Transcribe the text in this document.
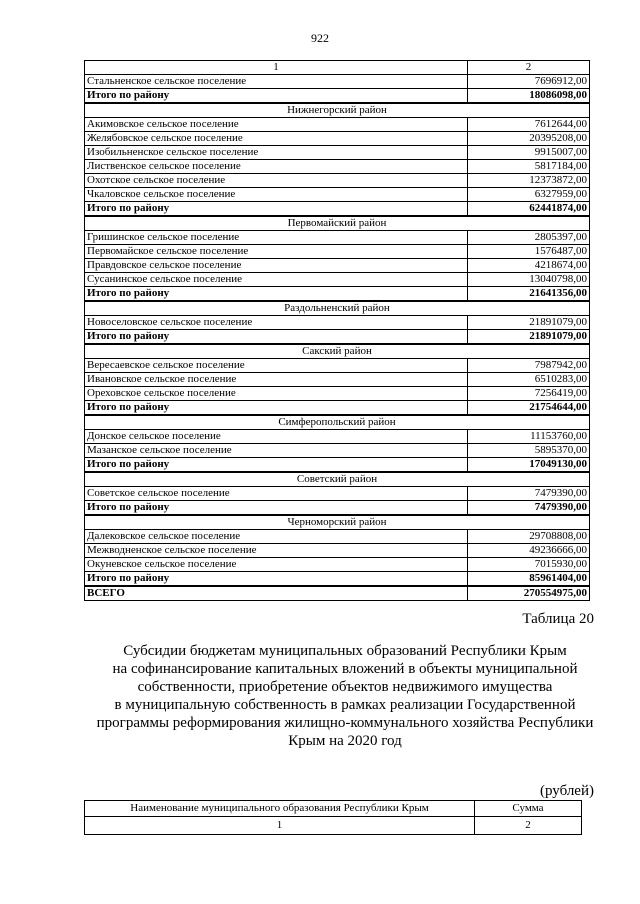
922
1	2
Стальненское сельское поселение	7696912,00
Итого по району	18086098,00
Нижнегорский район	
Акимовское сельское поселение	7612644,00
Желябовское сельское поселение	20395208,00
Изобильненское сельское поселение	9915007,00
Лиственское сельское поселение	5817184,00
Охотское сельское поселение	12373872,00
Чкаловское сельское поселение	6327959,00
Итого по району	62441874,00
Первомайский район	
Гришинское сельское поселение	2805397,00
Первомайское сельское поселение	1576487,00
Правдовское сельское поселение	4218674,00
Сусанинское сельское поселение	13040798,00
Итого по району	21641356,00
Раздольненский район	
Новоселовское сельское поселение	21891079,00
Итого по району	21891079,00
Сакский район	
Вересаевское сельское поселение	7987942,00
Ивановское сельское поселение	6510283,00
Ореховское сельское поселение	7256419,00
Итого по району	21754644,00
Симферопольский район	
Донское сельское поселение	11153760,00
Мазанское сельское поселение	5895370,00
Итого по району	17049130,00
Советский район	
Советское сельское поселение	7479390,00
Итого по району	7479390,00
Черноморский район	
Далековское сельское поселение	29708808,00
Межводненское сельское поселение	49236666,00
Окуневское сельское поселение	7015930,00
Итого по району	85961404,00
ВСЕГО	270554975,00
Таблица 20
Субсидии бюджетам муниципальных образований Республики Крым
на софинансирование капитальных вложений в объекты муниципальной
собственности, приобретение объектов недвижимого имущества
в муниципальную собственность в рамках реализации Государственной
программы реформирования жилищно-коммунального хозяйства Республики
Крым на 2020 год
(рублей)
Наименование муниципального образования Республики Крым	Сумма
1	2
